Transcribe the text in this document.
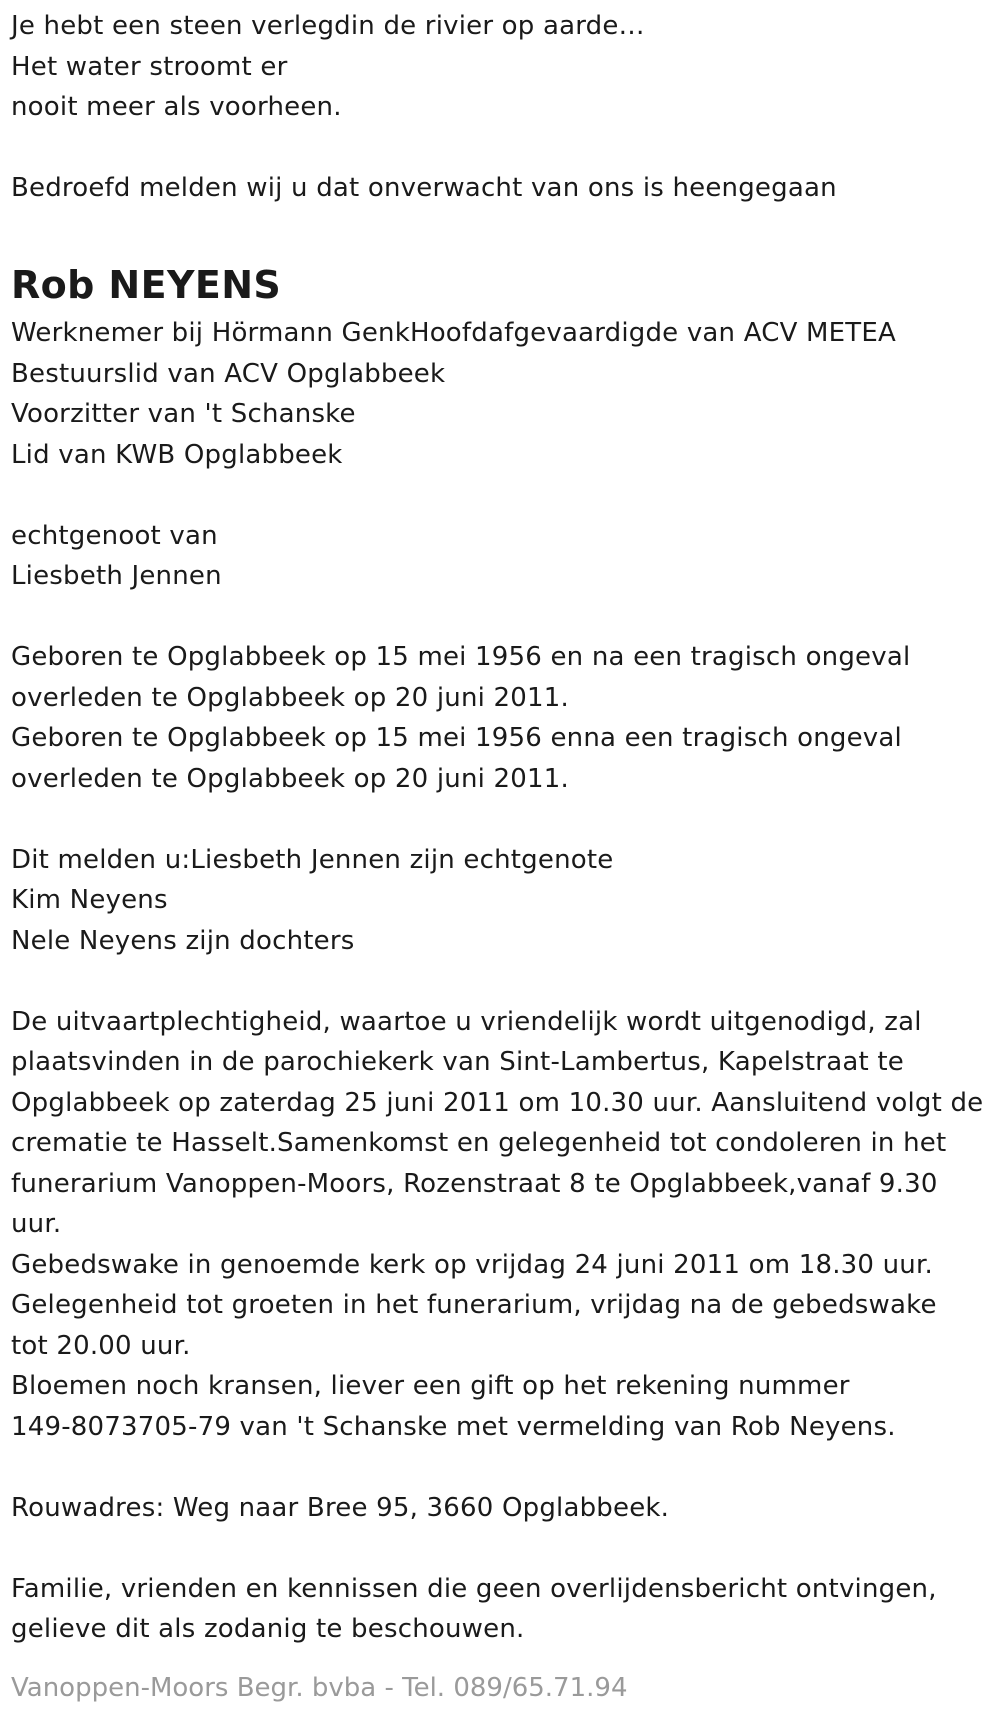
Je hebt een steen verlegdin de rivier op aarde…
Het water stroomt er
nooit meer als voorheen.
Bedroefd melden wij u dat onverwacht van ons is heengegaan
Rob NEYENS
Werknemer bij Hörmann GenkHoofdafgevaardigde van ACV METEA
Bestuurslid van ACV Opglabbeek
Voorzitter van 't Schanske
Lid van KWB Opglabbeek
echtgenoot van
Liesbeth Jennen
Geboren te Opglabbeek op 15 mei 1956 en na een tragisch ongeval
overleden te Opglabbeek op 20 juni 2011.
Geboren te Opglabbeek op 15 mei 1956 enna een tragisch ongeval
overleden te Opglabbeek op 20 juni 2011.
Dit melden u:Liesbeth Jennen zijn echtgenote
Kim Neyens
Nele Neyens zijn dochters
De uitvaartplechtigheid, waartoe u vriendelijk wordt uitgenodigd, zal
plaatsvinden in de parochiekerk van Sint-Lambertus, Kapelstraat te
Opglabbeek op zaterdag 25 juni 2011 om 10.30 uur. Aansluitend volgt de
crematie te Hasselt.Samenkomst en gelegenheid tot condoleren in het
funerarium Vanoppen-Moors, Rozenstraat 8 te Opglabbeek,vanaf 9.30
uur.
Gebedswake in genoemde kerk op vrijdag 24 juni 2011 om 18.30 uur.
Gelegenheid tot groeten in het funerarium, vrijdag na de gebedswake
tot 20.00 uur.
Bloemen noch kransen, liever een gift op het rekening nummer
149-8073705-79 van 't Schanske met vermelding van Rob Neyens.
Rouwadres: Weg naar Bree 95, 3660 Opglabbeek.
Familie, vrienden en kennissen die geen overlijdensbericht ontvingen,
gelieve dit als zodanig te beschouwen.
Vanoppen-Moors Begr. bvba - Tel. 089/65.71.94
